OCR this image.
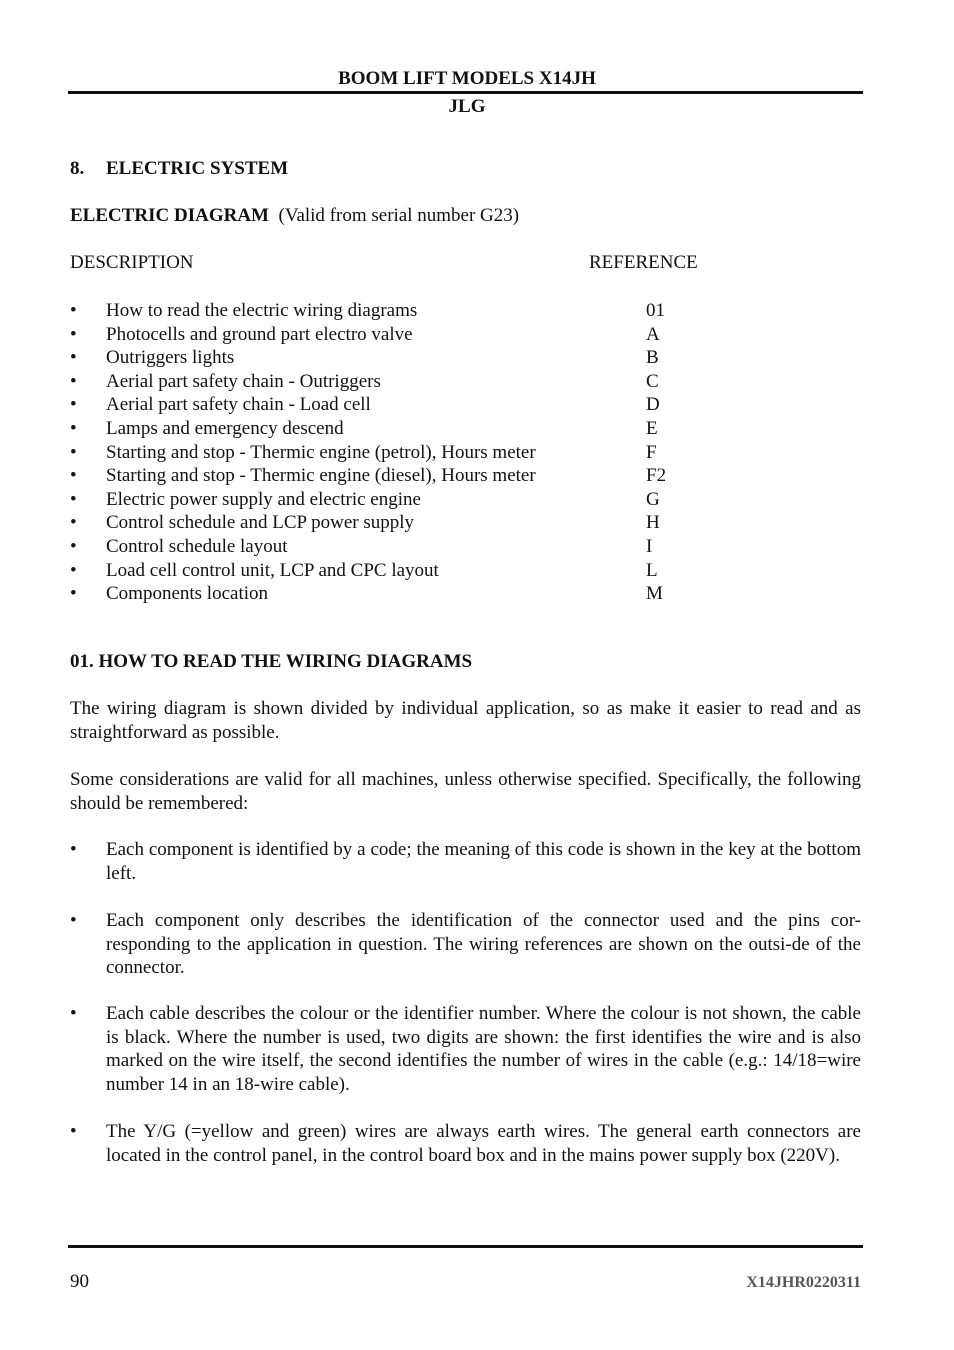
BOOM LIFT MODELS X14JH
JLG
8. ELECTRIC SYSTEM
ELECTRIC DIAGRAM (Valid from serial number G23)
DESCRIPTION	REFERENCE
• How to read the electric wiring diagrams	01
• Photocells and ground part electro valve	A
• Outriggers lights	B
• Aerial part safety chain - Outriggers	C
• Aerial part safety chain - Load cell	D
• Lamps and emergency descend	E
• Starting and stop - Thermic engine (petrol), Hours meter	F
• Starting and stop - Thermic engine (diesel), Hours meter	F2
• Electric power supply and electric engine	G
• Control schedule and LCP power supply	H
• Control schedule layout	I
• Load cell control unit, LCP and CPC layout	L
• Components location	M
01. HOW TO READ THE WIRING DIAGRAMS
The wiring diagram is shown divided by individual application, so as make it easier to read and as straightforward as possible.
Some considerations are valid for all machines, unless otherwise specified. Specifically, the following should be remembered:
• Each component is identified by a code; the meaning of this code is shown in the key at the bottom left.
• Each component only describes the identification of the connector used and the pins cor-responding to the application in question. The wiring references are shown on the outsi-de of the connector.
• Each cable describes the colour or the identifier number. Where the colour is not shown, the cable is black. Where the number is used, two digits are shown: the first identifies the wire and is also marked on the wire itself, the second identifies the number of wires in the cable (e.g.: 14/18=wire number 14 in an 18-wire cable).
• The Y/G (=yellow and green) wires are always earth wires. The general earth connectors are located in the control panel, in the control board box and in the mains power supply box (220V).
90	X14JHR0220311
